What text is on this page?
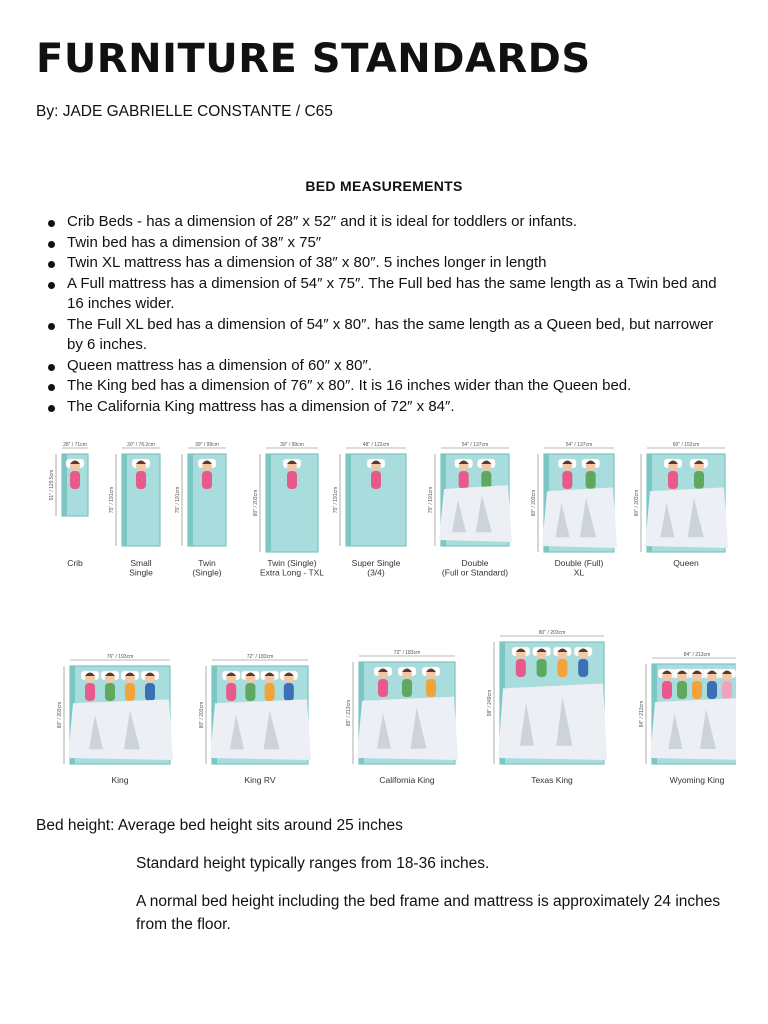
FURNITURE STANDARDS
By: JADE GABRIELLE CONSTANTE / C65
BED MEASUREMENTS
Crib Beds - has a dimension of 28″ x 52″ and it is ideal for toddlers or infants.
Twin bed has a dimension of 38″ x 75″
Twin XL mattress has a dimension of 38″ x 80″. 5 inches longer in length
A Full mattress has a dimension of 54″ x 75″. The Full bed has the same length as a Twin bed and 16 inches wider.
The Full XL bed has a dimension of 54″ x 80″. has the same length as a Queen bed, but narrower by 6 inches.
Queen mattress has a dimension of 60″ x 80″.
The King bed has a dimension of 76″ x 80″. It is 16 inches wider than the Queen bed.
The California King mattress has a dimension of 72″ x 84″.
28″ / 71cm
51″ / 129.5cm
Crib
30″ / 76.2cm
75″ / 191cm
Small
Single
39″ / 99cm
75″ / 191cm
Twin
(Single)
39″ / 99cm
80″ / 203cm
Twin (Single)
Extra Long - TXL
48″ / 122cm
75″ / 191cm
Super Single
(3/4)
54″ / 137cm
75″ / 191cm
Double
(Full or Standard)
54″ / 137cm
80″ / 203cm
Double (Full)
XL
60″ / 152cm
80″ / 203cm
Queen
76″ / 193cm
80″ / 203cm
King
72″ / 183cm
80″ / 203cm
King RV
72″ / 183cm
85″ / 213cm
California King
80″ / 203cm
98″ / 249cm
Texas King
84″ / 213cm
84″ / 213cm
Wyoming King
Bed height: Average bed height sits around 25 inches
Standard height typically ranges from 18-36 inches.
A normal bed height including the bed frame and mattress is approximately 24 inches from the floor.
